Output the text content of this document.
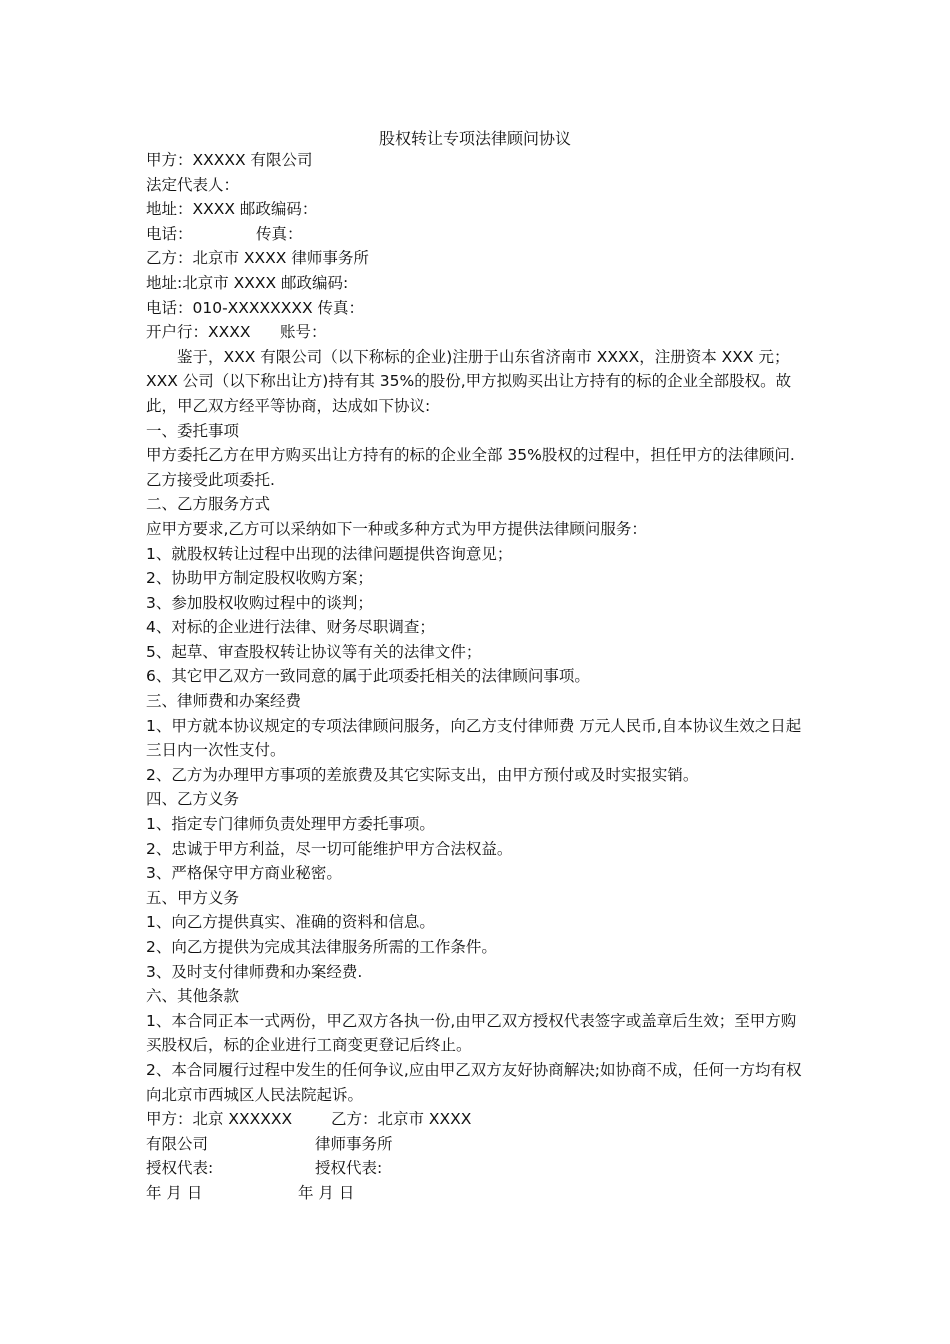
股权转让专项法律顾问协议
甲方：XXXXX 有限公司
法定代表人：
地址：XXXX 邮政编码：
电话：	传真：
乙方：北京市 XXXX 律师事务所
地址:北京市 XXXX 邮政编码:
电话：010-XXXXXXXX 传真：
开户行：XXXX 账号：
鉴于，XXX 有限公司（以下称标的企业)注册于山东省济南市 XXXX，注册资本 XXX 元；XXX 公司（以下称出让方)持有其 35%的股份,甲方拟购买出让方持有的标的企业全部股权。故此，甲乙双方经平等协商，达成如下协议:
一、委托事项
甲方委托乙方在甲方购买出让方持有的标的企业全部 35%股权的过程中，担任甲方的法律顾问.乙方接受此项委托.
二、乙方服务方式
应甲方要求,乙方可以采纳如下一种或多种方式为甲方提供法律顾问服务：
1、就股权转让过程中出现的法律问题提供咨询意见；
2、协助甲方制定股权收购方案；
3、参加股权收购过程中的谈判；
4、对标的企业进行法律、财务尽职调查；
5、起草、审查股权转让协议等有关的法律文件；
6、其它甲乙双方一致同意的属于此项委托相关的法律顾问事项。
三、律师费和办案经费
1、甲方就本协议规定的专项法律顾问服务，向乙方支付律师费 万元人民币,自本协议生效之日起三日内一次性支付。
2、乙方为办理甲方事项的差旅费及其它实际支出，由甲方预付或及时实报实销。
四、乙方义务
1、指定专门律师负责处理甲方委托事项。
2、忠诚于甲方利益，尽一切可能维护甲方合法权益。
3、严格保守甲方商业秘密。
五、甲方义务
1、向乙方提供真实、准确的资料和信息。
2、向乙方提供为完成其法律服务所需的工作条件。
3、及时支付律师费和办案经费.
六、其他条款
1、本合同正本一式两份，甲乙双方各执一份,由甲乙双方授权代表签字或盖章后生效；至甲方购买股权后，标的企业进行工商变更登记后终止。
2、本合同履行过程中发生的任何争议,应由甲乙双方友好协商解决;如协商不成，任何一方均有权向北京市西城区人民法院起诉。
甲方：北京 XXXXXX	乙方：北京市 XXXX
有限公司	律师事务所
授权代表:	授权代表:
年 月 日	年 月 日
